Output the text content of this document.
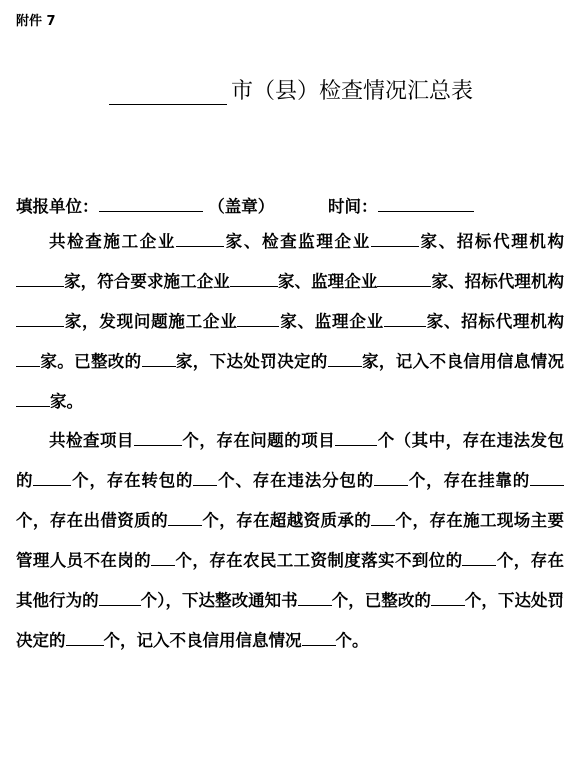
附件 7
市（县）检查情况汇总表
填报单位：	（盖章）	时间：
共检查施工企业	家、检查监理企业	家、招标代理机构家，符合要求施工企业	家、监理企业	家、招标代理机构家，发现问题施工企业	家、监理企业	家、招标代理机构家。已整改的 家，下达处罚决定的 家，记入不良信用信息情况家。
共检查项目	个，存在问题的项目	个（其中，存在违法发包的 个，存在转包的 个、存在违法分包的 个，存在挂靠的个，存在出借资质的 个，存在超越资质承的 个，存在施工现场主要管理人员不在岗的 个，存在农民工工资制度落实不到位的 个，存在其他行为的	个），下达整改通知书 个，已整改的 个，下达处罚决定的 个，记入不良信用信息情况 个。
